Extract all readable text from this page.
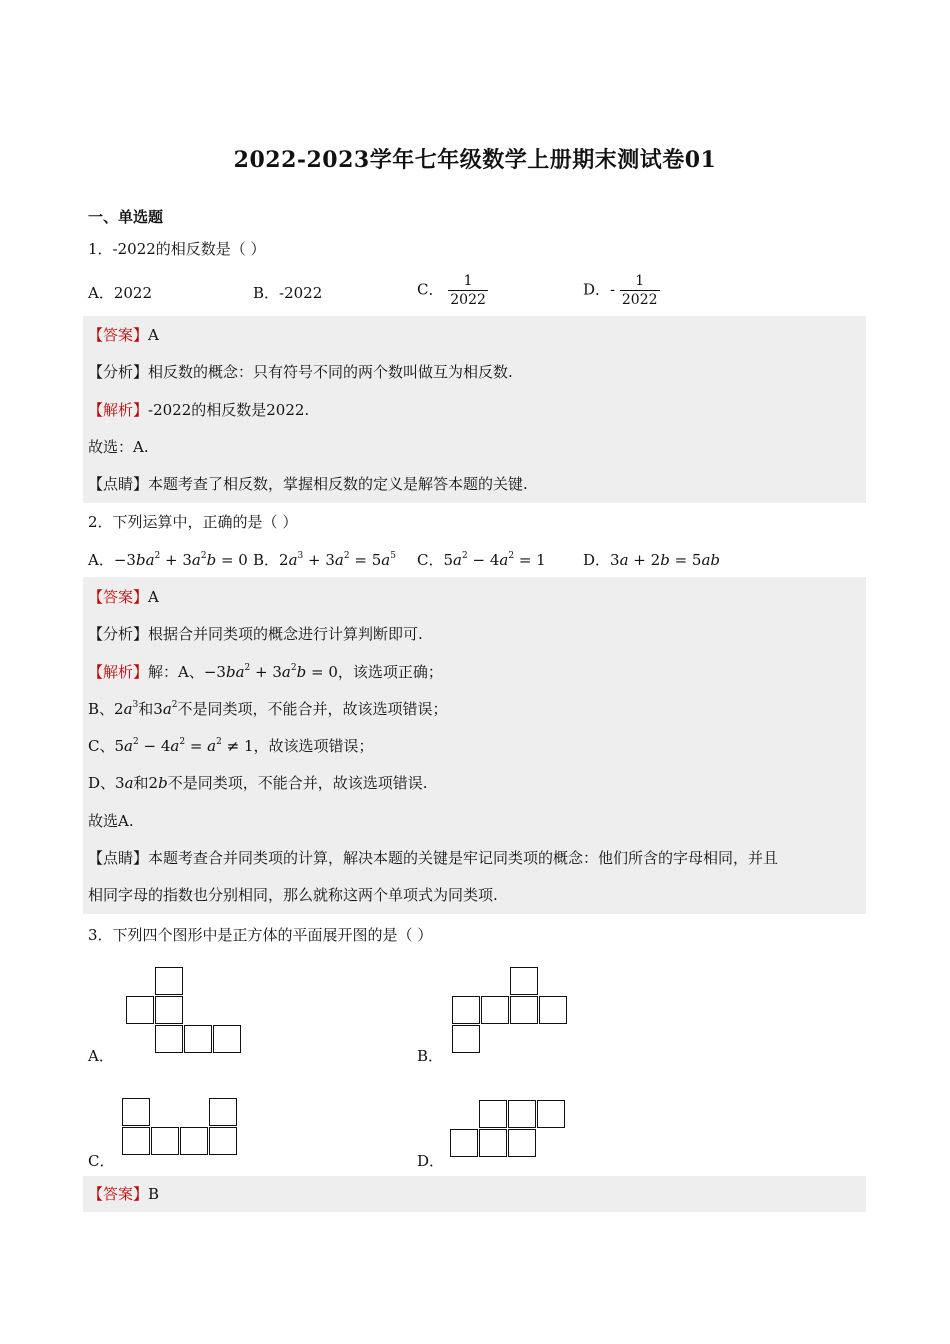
2022-2023学年七年级数学上册期末测试卷01
一、单选题
1．-2022的相反数是（ ）
A．2022	B．-2022	C． $\frac{1}{2022}$	D．- $\frac{1}{2022}$
【答案】A
【分析】相反数的概念：只有符号不同的两个数叫做互为相反数.
【解析】-2022的相反数是2022.
故选：A.
【点睛】本题考查了相反数，掌握相反数的定义是解答本题的关键.
2．下列运算中，正确的是（ ）
A．$-3ba^2 + 3a^2b = 0$ B．$2a^3 + 3a^2 = 5a^5$ C．$5a^2 - 4a^2 = 1$ D．3a + 2b = 5ab
【答案】A
【分析】根据合并同类项的概念进行计算判断即可.
【解析】解：A、$-3ba^2 + 3a^2b = 0$，该选项正确；
B、$2a^3$和$3a^2$不是同类项，不能合并，故该选项错误；
C、$5a^2 - 4a^2 = a^2 \ne 1$，故该选项错误；
D、3a和2b不是同类项，不能合并，故该选项错误.
故选A.
【点睛】本题考查合并同类项的计算，解决本题的关键是牢记同类项的概念：他们所含的字母相同，并且
相同字母的指数也分别相同，那么就称这两个单项式为同类项.
3．下列四个图形中是正方体的平面展开图的是（ ）
A．	B．
C．	D．
【答案】B
